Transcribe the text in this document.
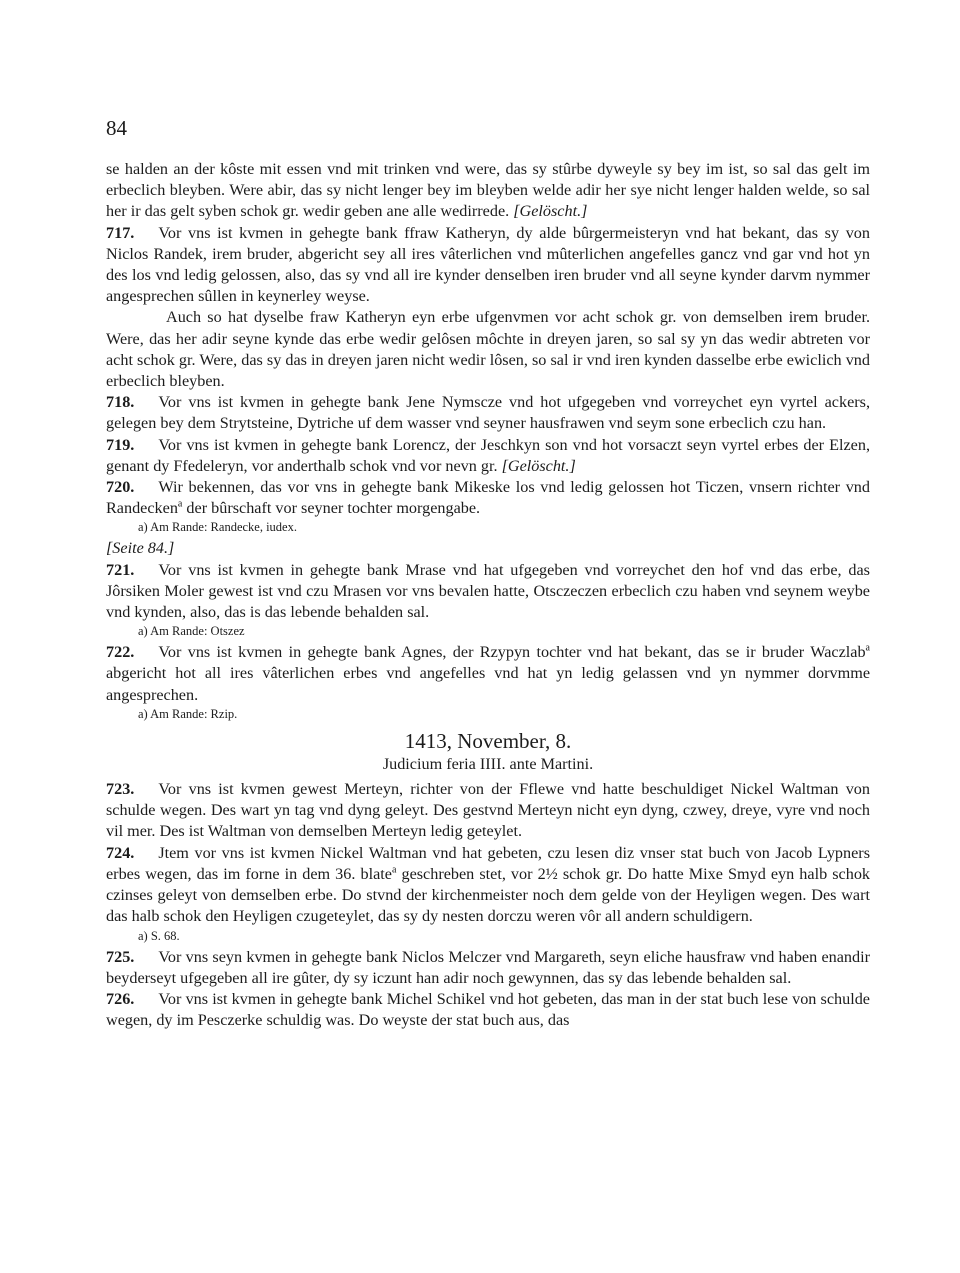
84

se halden an der kôste mit essen vnd mit trinken vnd were, das sy stûrbe dyweyle sy bey im ist, so sal das gelt im erbeclich bleyben. Were abir, das sy nicht lenger bey im bleyben welde adir her sye nicht lenger halden welde, so sal her ir das gelt syben schok gr. wedir geben ane alle wedirrede. [Gelöscht.]

717. Vor vns ist kvmen in gehegte bank ffraw Katheryn, dy alde bûrgermeisteryn vnd hat bekant, das sy von Niclos Randek, irem bruder, abgericht sey all ires vâterlichen vnd mûterlichen angefelles gancz vnd gar vnd hot yn des los vnd ledig gelossen, also, das sy vnd all ire kynder denselben iren bruder vnd all seyne kynder darvm nymmer angesprechen sûllen in keynerley weyse.

Auch so hat dyselbe fraw Katheryn eyn erbe ufgenvmen vor acht schok gr. von demselben irem bruder. Were, das her adir seyne kynde das erbe wedir gelôsen môchte in dreyen jaren, so sal sy yn das wedir abtreten vor acht schok gr. Were, das sy das in dreyen jaren nicht wedir lôsen, so sal ir vnd iren kynden dasselbe erbe ewiclich vnd erbeclich bleyben.

718. Vor vns ist kvmen in gehegte bank Jene Nymscze vnd hot ufgegeben vnd vorreychet eyn vyrtel ackers, gelegen bey dem Strytsteine, Dytriche uf dem wasser vnd seyner hausfrawen vnd seym sone erbeclich czu han.

719. Vor vns ist kvmen in gehegte bank Lorencz, der Jeschkyn son vnd hot vorsaczt seyn vyrtel erbes der Elzen, genant dy Ffedeleryn, vor anderthalb schok vnd vor nevn gr. [Gelöscht.]

720. Wir bekennen, das vor vns in gehegte bank Mikeske los vnd ledig gelossen hot Ticzen, vnsern richter vnd Randecken$^a$ der bûrschaft vor seyner tochter morgengabe.

a) Am Rande: Randecke, iudex.

[Seite 84.]

721. Vor vns ist kvmen in gehegte bank Mrase vnd hat ufgegeben vnd vorreychet den hof vnd das erbe, das Jôrsiken Moler gewest ist vnd czu Mrasen vor vns bevalen hatte, Otsczeczen erbeclich czu haben vnd seynem weybe vnd kynden, also, das is das lebende behalden sal.

a) Am Rande: Otszez

722. Vor vns ist kvmen in gehegte bank Agnes, der Rzypyn tochter vnd hat bekant, das se ir bruder Waczlab$^a$ abgericht hot all ires vâterlichen erbes vnd angefelles vnd hat yn ledig gelassen vnd yn nymmer dorvmme angesprechen.

a) Am Rande: Rzip.

1413, November, 8.
Judicium feria IIII. ante Martini.

723. Vor vns ist kvmen gewest Merteyn, richter von der Fflewe vnd hatte beschuldiget Nickel Waltman von schulde wegen. Des wart yn tag vnd dyng geleyt. Des gestvnd Merteyn nicht eyn dyng, czwey, dreye, vyre vnd noch vil mer. Des ist Waltman von demselben Merteyn ledig geteylet.

724. Jtem vor vns ist kvmen Nickel Waltman vnd hat gebeten, czu lesen diz vnser stat buch von Jacob Lypners erbes wegen, das im forne in dem 36. blate$^a$ geschreben stet, vor 2½ schok gr. Do hatte Mixe Smyd eyn halb schok czinses geleyt von demselben erbe. Do stvnd der kirchenmeister noch dem gelde von der Heyligen wegen. Des wart das halb schok den Heyligen czugeteylet, das sy dy nesten dorczu weren vôr all andern schuldigern.

a) S. 68.

725. Vor vns seyn kvmen in gehegte bank Niclos Melczer vnd Margareth, seyn eliche hausfraw vnd haben enandir beyderseyt ufgegeben all ire gûter, dy sy iczunt han adir noch gewynnen, das sy das lebende behalden sal.

726. Vor vns ist kvmen in gehegte bank Michel Schikel vnd hot gebeten, das man in der stat buch lese von schulde wegen, dy im Pesczerke schuldig was. Do weyste der stat buch aus, das
